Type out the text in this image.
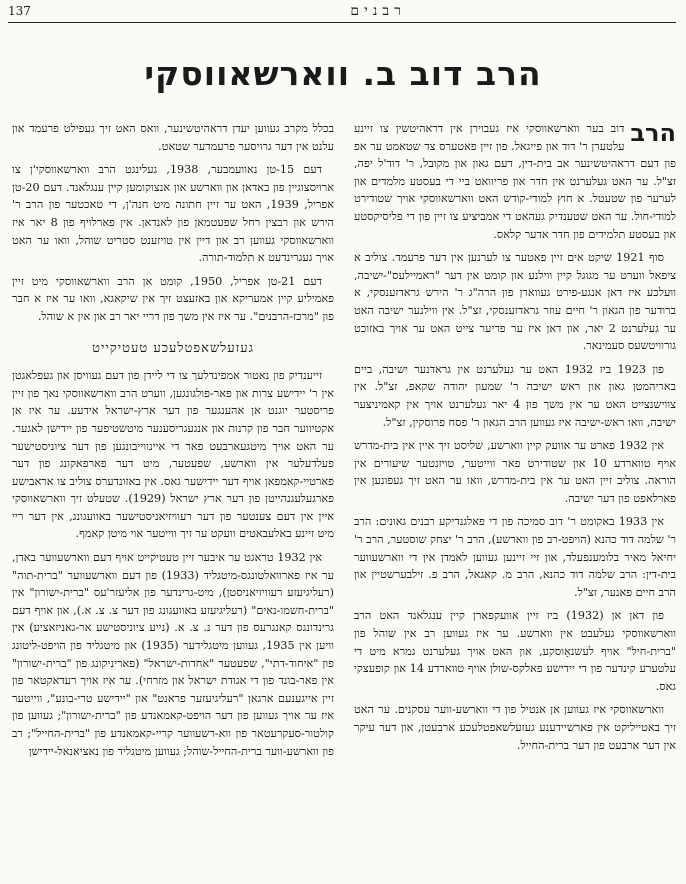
137	רבנים
הרב דוב ב. ווארשאווסקי

הרב
דוב בער ווארשאווסקי איז געבוירן אין דראהיטשין צו זיינע עלטערן ר' דוד און פייגאל. פון זיין פאטערס צד שטאמט ער אפ פון דעם דראהיטשינער אב בית-דין, דעם גאון און מקובל, ר' דוד'ל יפה, זצ"ל. ער האט געלערנט אין חדר און פריוואט ביי די בעסטע מלמדים און לערער פון שטעטל. א חוץ למודי-קודש האט ווארשאווסקי אויך שטודירט למודי-חול. ער האט שטענדיק געהאט די אמביציע צו זיין פון די פליסיקסטע און בעסטע תלמידים פון חדר אדער קלאס.

סוף 1921 שיקט אים זיין פאטער צו לערנען אין דער פרעמד. צוליב א ציפאל ווערט ער מגוגל קיין ווילנע און קומט אין דער "ראמיילעס"-ישיבה, וועלכע איז דאן אנגע-פירט געווארן פון הרה"ג ר' הירש גראדזענסקי, א ברודער פון הגאון ר' חיים עוזר גראדזענסקי, זצ"ל. אין ווילנער ישיבה האט ער געלערנט 2 יאר, און דאן איז ער פריער צייט האט ער אויך באזוכט גורוויטשעס סעמינאר.

פון 1923 ביז 1932 האט ער געלערנט אין גראדנער ישיבה, ביים באריהמטן גאון און ראש ישיבה ר' שמעון יהודה שקאפ, זצ"ל. אין צווישנצייט האט ער אין משך פון 4 יאר געלערנט אויך אין קאמיניצער ישיבה, וואו ראש-ישיבה איז געווען הרב הגאון ר' פסח פרוסקין, זצ"ל.

אין 1932 פארט ער אוועק קיין ווארשע, שליסט זיך איין אין בית-מדרש אויף טווארדע 10 און שטודירט פאר ווייטער, טויזנטער שיעורים אין הוראה. צוליב זיין האט ער אין בית-מדרש, וואו ער האט זיך געפונען אין פארלאפט פון דער ישיבה.

אין 1933 באקומט ר' דוב סמיכה פון די פאלגנדיקע רבנים גאונים: הרב ר' שלמה דוד כהנא (הויפט-רב פון ווארשע), הרב ר' יצחק שוסטער, הרב ר' יחיאל מאיר בלומענפעלד, און זיי זיינען געווען לאמדן אין די ווארשעווער בית-דין: הרב שלמה דוד כהנא, הרב מ. קאגאל, הרב פ. זילבערשטיין און הרב חיים פאנער, זצ"ל.

פון דאן אן (1932) ביז זיין אוועקפארן קיין ענגלאנד האט הרב ווארשאווסקי געלעבט אין ווארשע. ער איז געווען רב אין שוהל פון "ברית-חיל" אויף לעשנאָוסקע, און האט אויך געלערנט גמרא מיט די עלטערע קינדער פון די יידישע פאלקס-שולן אויף טווארדע 14 און קופעצקי גאס.

ווארשאווסקי איז געווען אן אנטיל פון די ווארשע-ווער עסקנים. ער האט זיך באטייליקט אין פארשיידענע געזעלשאפטלעכע ארבעטן, און דער עיקר אין דער ארבעט פון דער ברית-החייל.

בכלל מקרב געווען יעדן דראהיטשינער, וואס האט זיך געפילט פרעמד און עלנט אין דער גרויסער פרעמדער שטאט.

דעם 15-טן נאוועמבער, 1938, געלינגט הרב ווארשאווסקי'ן צו ארויסצוגיין פון באדאן און ווארשע און אנצוקומען קיין ענגלאנד. דעם 20-טן אפריל, 1939, האט ער זיין חתונה מיט חנה'ן, די טאכטער פון הרב ר' הירש און רבצין רחל שפעטמאן פון לאנדאן. אין פארלויף פון 8 יאר איז ווארשאווסקי געווען רב און דיין אין טויזענט סטריט שוהל, וואו ער האט אויך געגרינדעט א תלמוד-תורה.

דעם 21-טן אפריל, 1950, קומט אן הרב ווארשאווסקי מיט זיין פאמיליע קיין אמעריקא און באזעצט זיך אין שיקאגא, וואו ער איז א חבר פון "מרכז-הרבנים". ער איז אין משך פון דריי יאר רב און אין א שוהל.

געזעלשאפטלעכע טעטיקייט

זייענדיק פון נאטור אמפינדלעך צו די ליידן פון דעם געוויסן און געפלאגטן אין ר' יידישע צרות און פאר-פולגונגען, ווערט הרב ווארשאווסקי נאך פון זיין פריסטער יוגנט אן אהענגער פון דער ארץ-ישראל אידעע. ער איז אן אקטיווער חבר פון קרנות און אנגעגריסענער מיטשטיפער פון יידישן לאגער. ער האט אויך מיטגעארבעט פאר די איינווייבונגען פון דער ציוניסטישער פעלדעלער אין ווארשע, שפעטער, מיט דער פארפאקונג פון דער פארטיי-קאמפאן אויף דער יידישער גאס. אין באזונדערס צוליב צו אראבישע פארגעלעגנהייטן פון דער ארץ ישראל (1929). שטעלט זיך ווארשאווסקי איין אין דעם צענטער פון דער רעוויזיאניסטישער באוועגונג, אין דער ריי מיט זיינע באלעבאטים וועקט ער זיך ווייטער אוי מיטן קאמף.

אין 1932 טראגט ער איבער זיין טעטיקייט אויף דעם ווארשעווער באדן, ער איז פארוואלטונגס-מיטגליד (1933) פון דעם ווארשעווער "ברית-תוה"(רעליגיעזע רעוויזיאניסטן), מיט-גרינדער פון אליעזר'עס "ברית-ישורון" אין "ברית-חשמו-נאים" (רעליגיעזע באוועגונג פון דער צ. צ. א.), און אויף דעם גרינדונגס קאנגרעס פון דער נ. צ. א. (נייע ציוניסטישע אר-גאניזאציע) אין וויען אין 1935, געווען מיטגלידער (1935) און מיטגליד פון הויפט-ליטונג פון "איחוד-דתי", שפעטער "אחדות-ישראל" (פאריניקונג פון "ברית-ישורון" אין פאר-בונד פון די אגודת ישראל און מזרחי). ער איז אויך רעדאקטאר פון זיין אייגענעם ארגאן "רעליגיעזער פראנט" און "יידישע טרי-בונע", ווייטער איז ער אויך געווען פון דער הויפט-קאמאנדע פון "ברית-ישורון"; געווען פון קולטור-סעקרעטאר פון ווא-רשעווער קריי-קאמאנדע פון "ברית-החייל"; רב פון ווארשע-ווער ברית-החייל-שוהל; געווען מיטגליד פון נאציאנאל-יידישן
